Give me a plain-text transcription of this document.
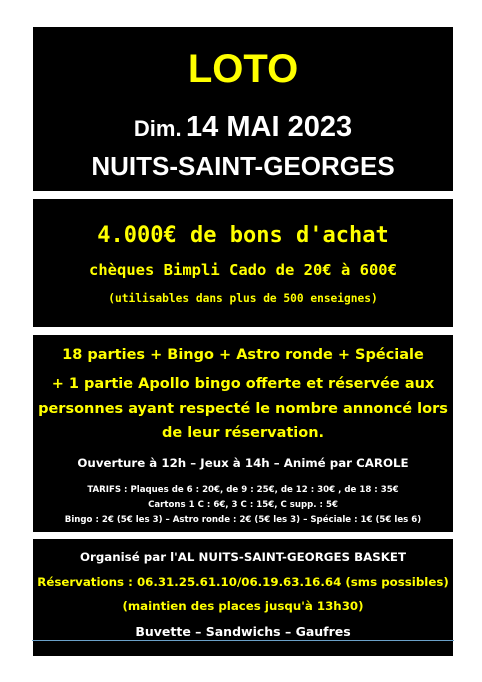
LOTO
Dim. 14 MAI 2023
NUITS-SAINT-GEORGES
4.000€ de bons d'achat
chèques Bimpli Cado de 20€ à 600€
(utilisables dans plus de 500 enseignes)
18 parties + Bingo + Astro ronde + Spéciale
+ 1 partie Apollo bingo offerte et réservée aux
personnes ayant respecté le nombre annoncé lors
de leur réservation.
Ouverture à 12h – Jeux à 14h – Animé par CAROLE
TARIFS : Plaques de 6 : 20€, de 9 : 25€, de 12 : 30€ , de 18 : 35€
Cartons 1 C : 6€, 3 C : 15€, C supp. : 5€
Bingo : 2€ (5€ les 3) – Astro ronde : 2€ (5€ les 3) – Spéciale : 1€ (5€ les 6)
Organisé par l'AL NUITS-SAINT-GEORGES BASKET
Réservations : 06.31.25.61.10/06.19.63.16.64 (sms possibles)
(maintien des places jusqu'à 13h30)
Buvette – Sandwichs – Gaufres
